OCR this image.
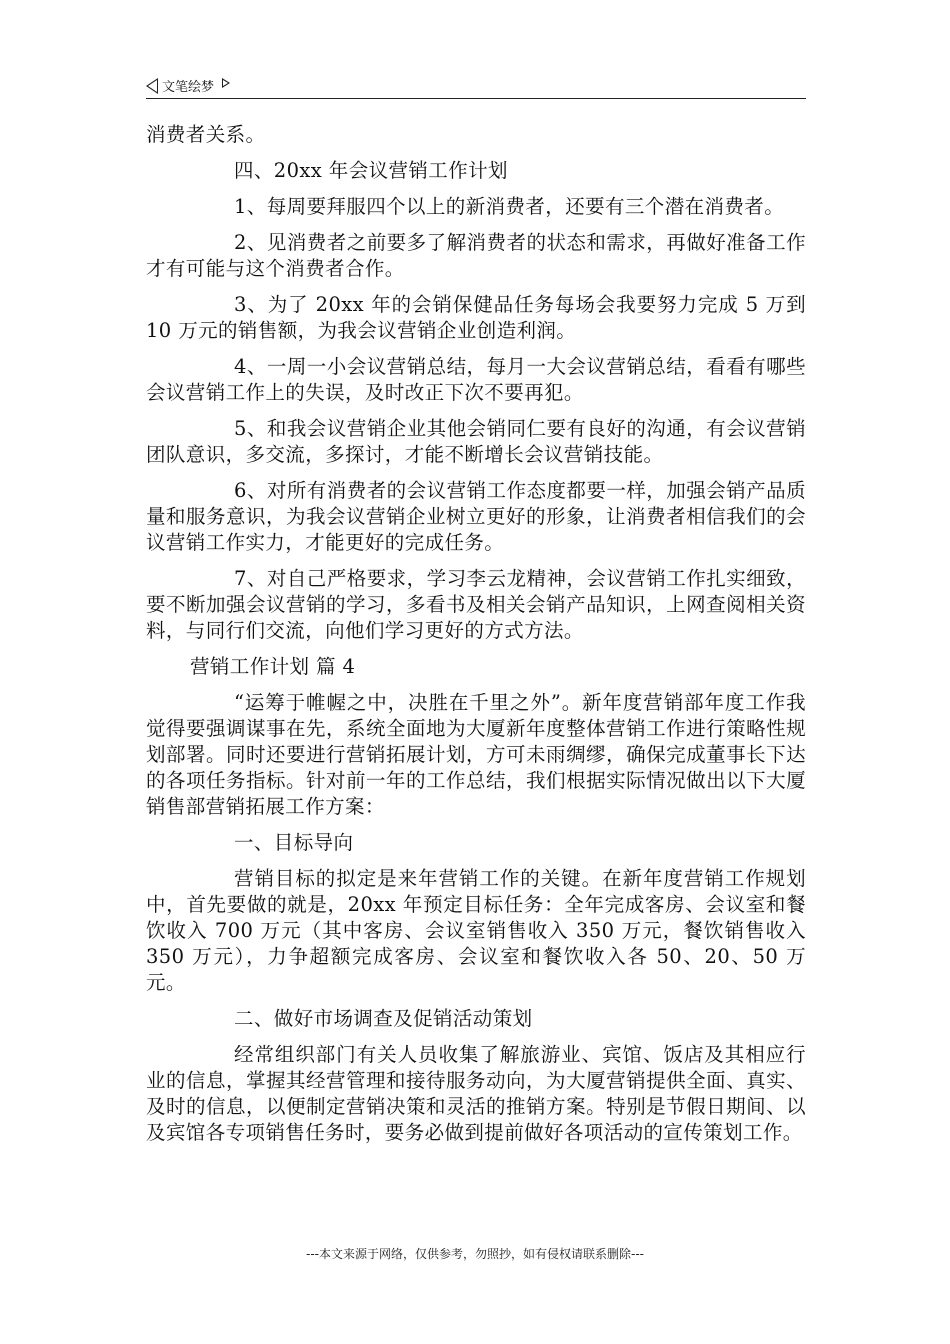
文笔绘梦

消费者关系。

四、20xx 年会议营销工作计划

1、每周要拜服四个以上的新消费者，还要有三个潜在消费者。

2、见消费者之前要多了解消费者的状态和需求，再做好准备工作才有可能与这个消费者合作。

3、为了 20xx 年的会销保健品任务每场会我要努力完成 5 万到 10 万元的销售额，为我会议营销企业创造利润。

4、一周一小会议营销总结，每月一大会议营销总结，看看有哪些会议营销工作上的失误，及时改正下次不要再犯。

5、和我会议营销企业其他会销同仁要有良好的沟通，有会议营销团队意识，多交流，多探讨，才能不断增长会议营销技能。

6、对所有消费者的会议营销工作态度都要一样，加强会销产品质量和服务意识，为我会议营销企业树立更好的形象，让消费者相信我们的会议营销工作实力，才能更好的完成任务。

7、对自己严格要求，学习李云龙精神，会议营销工作扎实细致，要不断加强会议营销的学习，多看书及相关会销产品知识，上网查阅相关资料，与同行们交流，向他们学习更好的方式方法。

营销工作计划 篇 4

“运筹于帷幄之中，决胜在千里之外”。新年度营销部年度工作我觉得要强调谋事在先，系统全面地为大厦新年度整体营销工作进行策略性规划部署。同时还要进行营销拓展计划，方可未雨绸缪，确保完成董事长下达的各项任务指标。针对前一年的工作总结，我们根据实际情况做出以下大厦销售部营销拓展工作方案：

一、目标导向

营销目标的拟定是来年营销工作的关键。在新年度营销工作规划中，首先要做的就是，20xx 年预定目标任务：全年完成客房、会议室和餐饮收入 700 万元（其中客房、会议室销售收入 350 万元，餐饮销售收入 350 万元），力争超额完成客房、会议室和餐饮收入各 50、20、50 万元。

二、做好市场调查及促销活动策划

经常组织部门有关人员收集了解旅游业、宾馆、饭店及其相应行业的信息，掌握其经营管理和接待服务动向，为大厦营销提供全面、真实、及时的信息，以便制定营销决策和灵活的推销方案。特别是节假日期间、以及宾馆各专项销售任务时，要务必做到提前做好各项活动的宣传策划工作。

---本文来源于网络，仅供参考，勿照抄，如有侵权请联系删除---
